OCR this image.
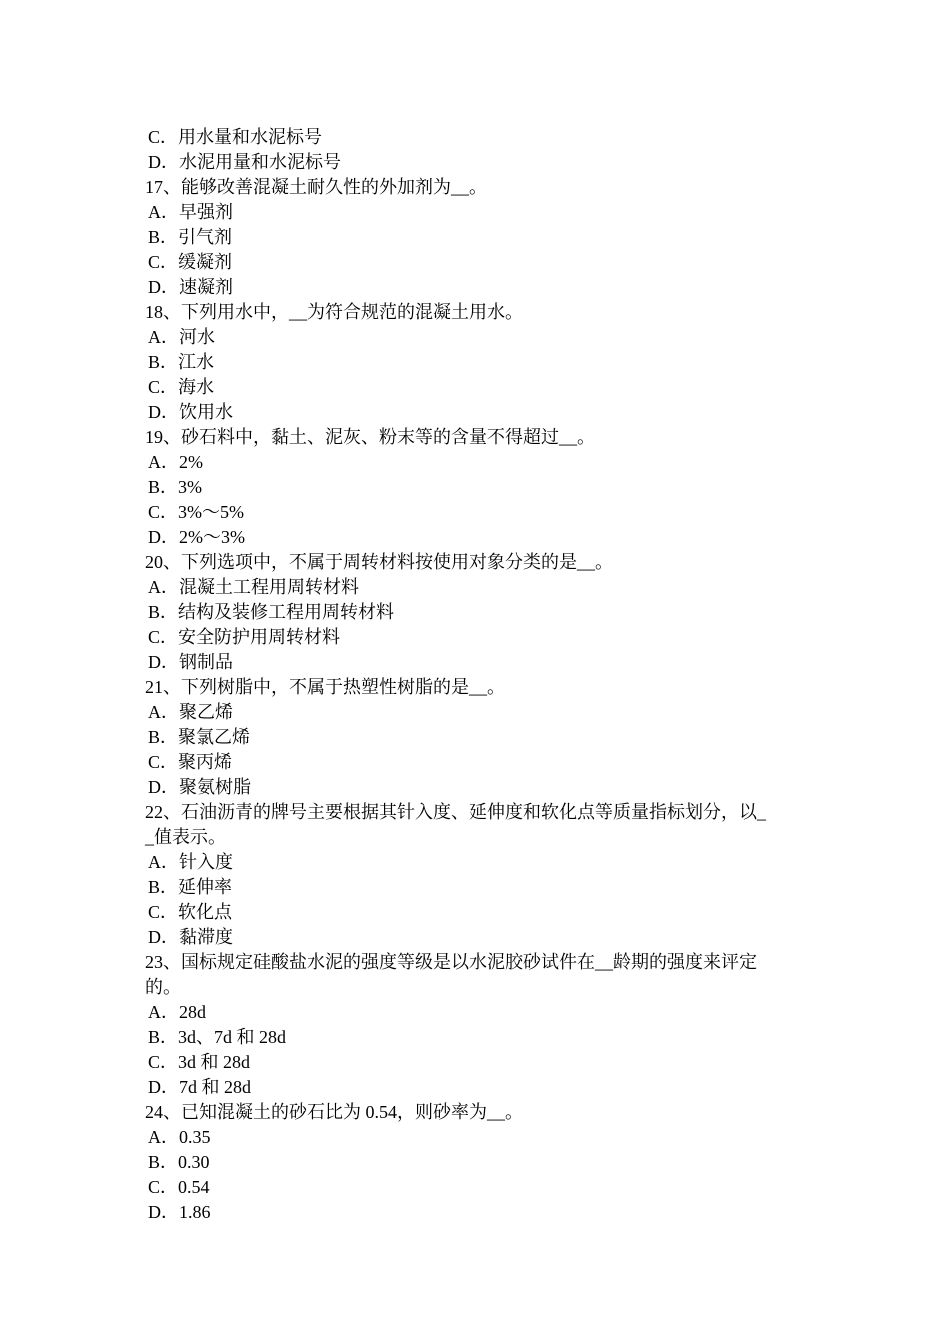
C．用水量和水泥标号
D．水泥用量和水泥标号
17、能够改善混凝土耐久性的外加剂为__。
A．早强剂
B．引气剂
C．缓凝剂
D．速凝剂
18、下列用水中，__为符合规范的混凝土用水。
A．河水
B．江水
C．海水
D．饮用水
19、砂石料中，黏土、泥灰、粉末等的含量不得超过__。
A．2%
B．3%
C．3%～5%
D．2%～3%
20、下列选项中，不属于周转材料按使用对象分类的是__。
A．混凝土工程用周转材料
B．结构及装修工程用周转材料
C．安全防护用周转材料
D．钢制品
21、下列树脂中，不属于热塑性树脂的是__。
A．聚乙烯
B．聚氯乙烯
C．聚丙烯
D．聚氨树脂
22、石油沥青的牌号主要根据其针入度、延伸度和软化点等质量指标划分，以_
_值表示。
A．针入度
B．延伸率
C．软化点
D．黏滞度
23、国标规定硅酸盐水泥的强度等级是以水泥胶砂试件在__龄期的强度来评定
的。
A．28d
B．3d、7d 和 28d
C．3d 和 28d
D．7d 和 28d
24、已知混凝土的砂石比为 0.54，则砂率为__。
A．0.35
B．0.30
C．0.54
D．1.86
